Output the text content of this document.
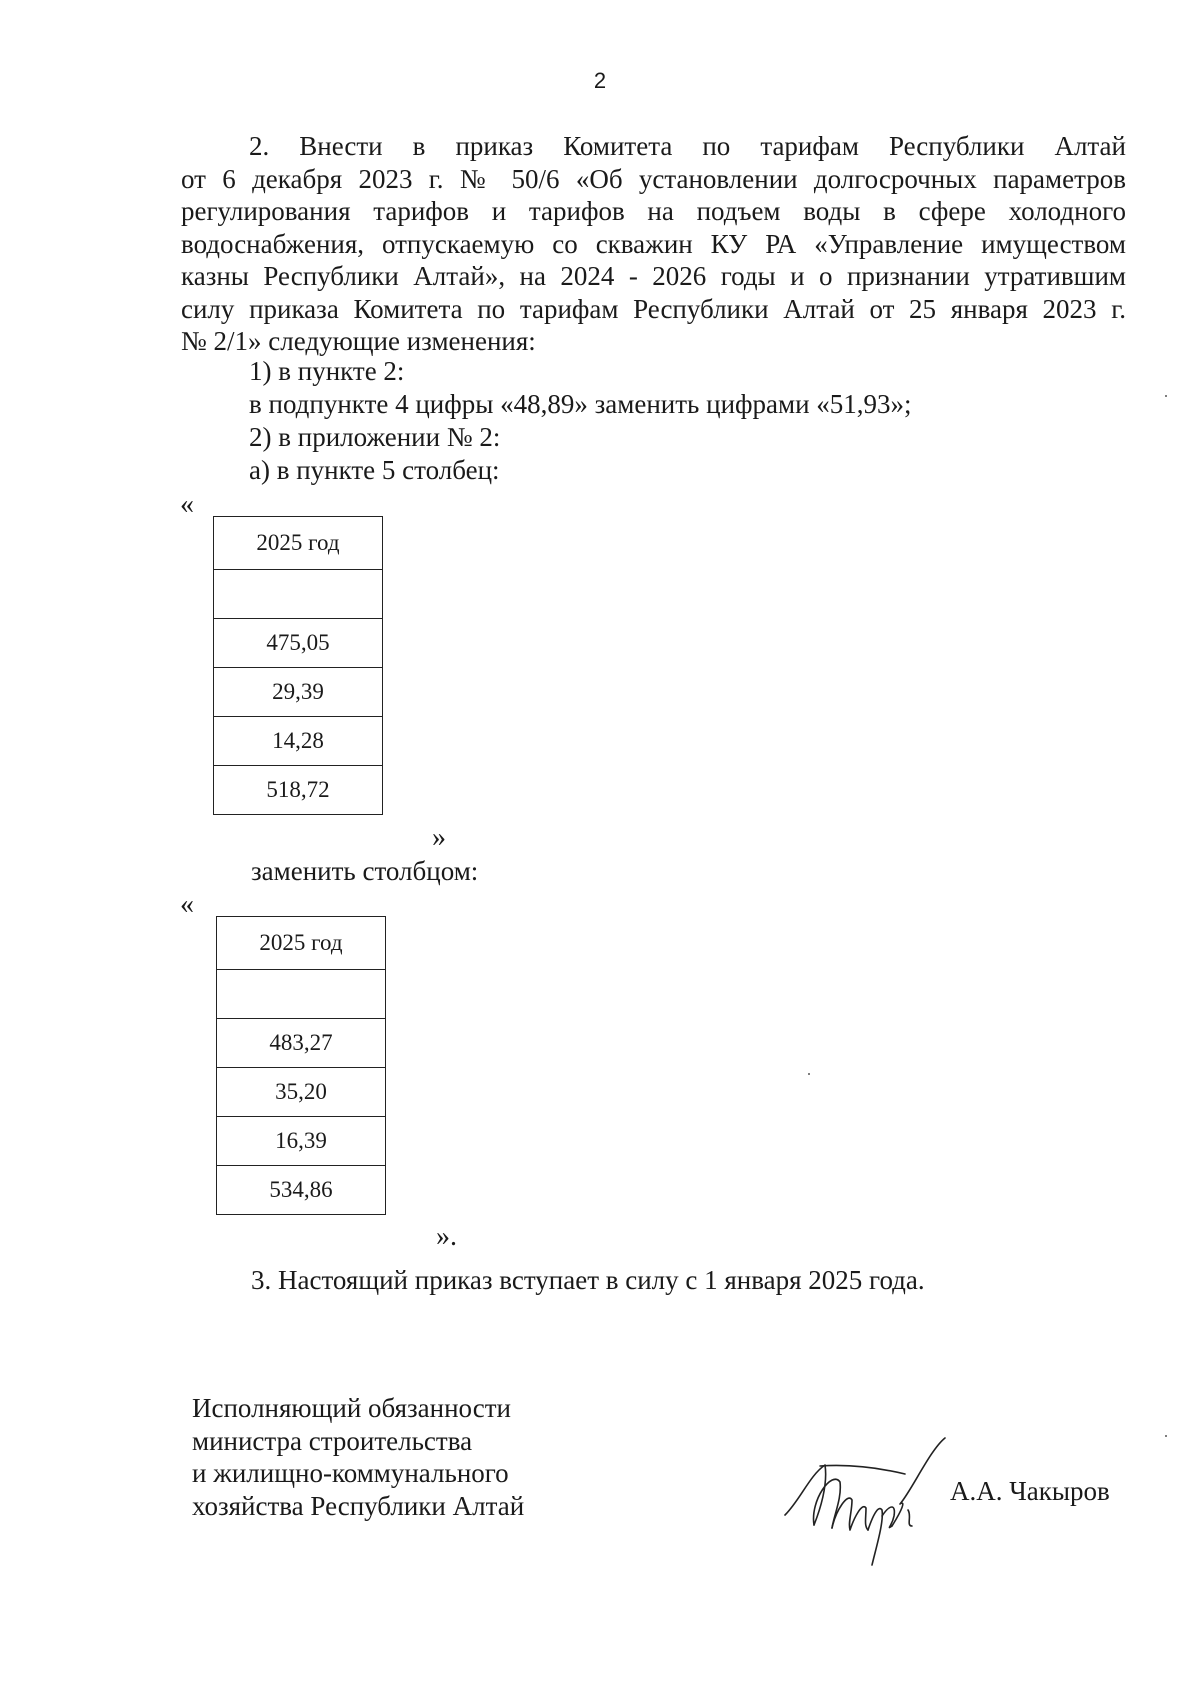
2
2. Внести в приказ Комитета по тарифам Республики Алтай
от 6 декабря 2023 г. № 50/6 «Об установлении долгосрочных параметров
регулирования тарифов и тарифов на подъем воды в сфере холодного
водоснабжения, отпускаемую со скважин КУ РА «Управление имуществом
казны Республики Алтай», на 2024 - 2026 годы и о признании утратившим
силу приказа Комитета по тарифам Республики Алтай от 25 января 2023 г.
№ 2/1» следующие изменения:
1) в пункте 2:
в подпункте 4 цифры «48,89» заменить цифрами «51,93»;
2) в приложении № 2:
а) в пункте 5 столбец:
«
2025 год

475,05
29,39
14,28
518,72
»
заменить столбцом:
«
2025 год

483,27
35,20
16,39
534,86
».
3. Настоящий приказ вступает в силу с 1 января 2025 года.
Исполняющий обязанности
министра строительства
и жилищно-коммунального
хозяйства Республики Алтай	А.А. Чакыров
